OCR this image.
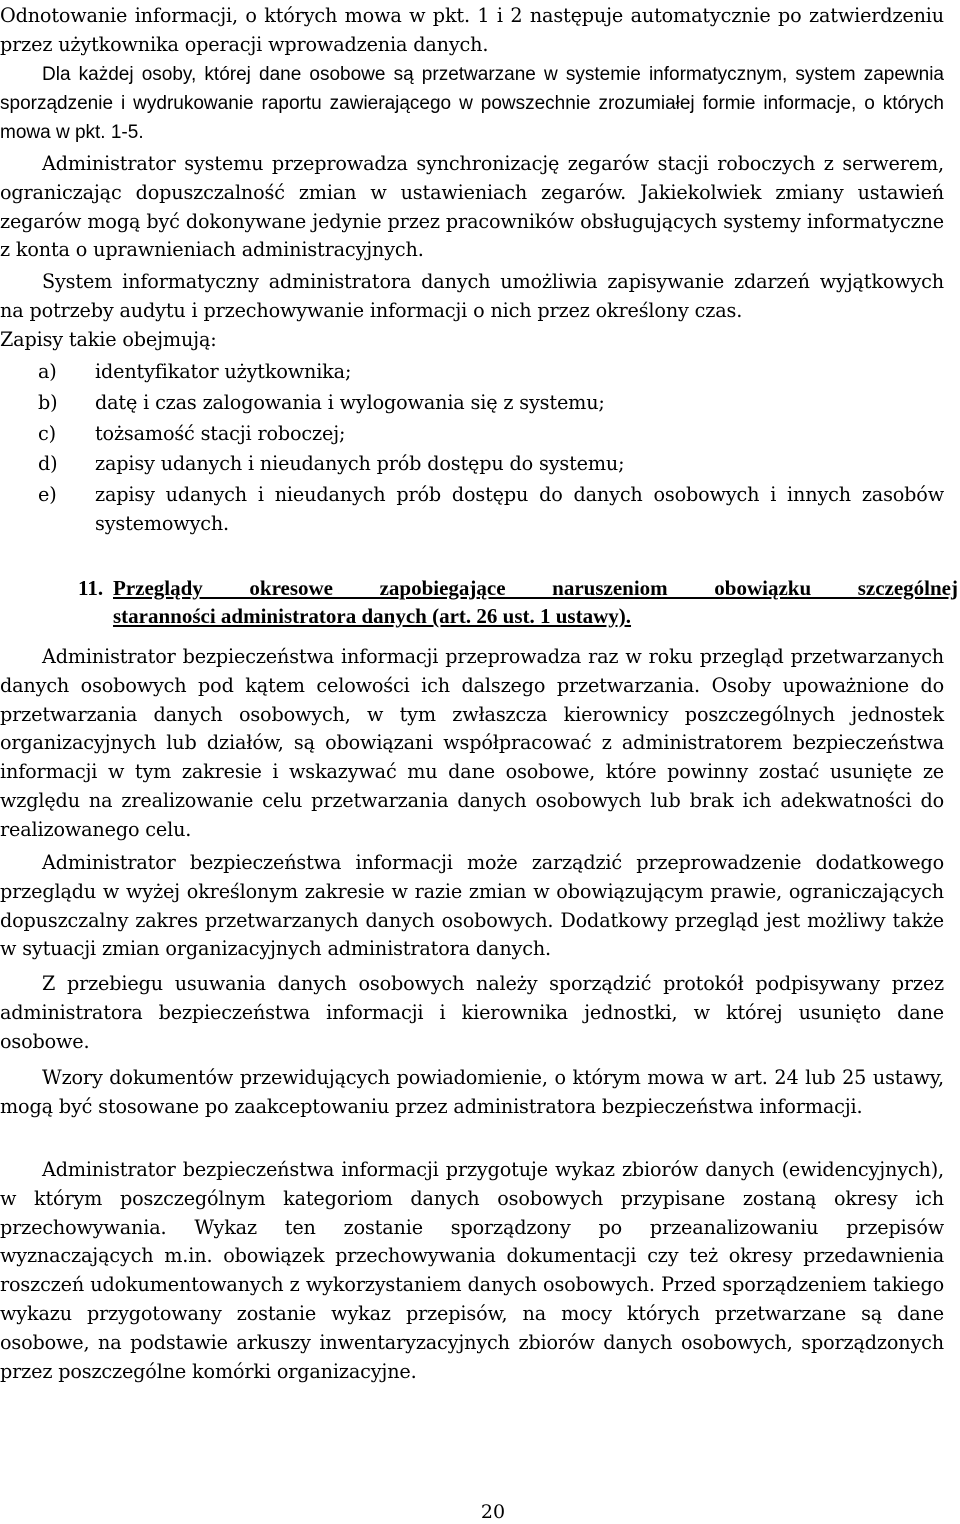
Odnotowanie informacji, o których mowa w pkt. 1 i 2 następuje automatycznie po zatwierdzeniu przez użytkownika operacji wprowadzenia danych.

Dla każdej osoby, której dane osobowe są przetwarzane w systemie informatycznym, system zapewnia sporządzenie i wydrukowanie raportu zawierającego w powszechnie zrozumiałej formie informacje, o których mowa w pkt. 1-5.

Administrator systemu przeprowadza synchronizację zegarów stacji roboczych z serwerem, ograniczając dopuszczalność zmian w ustawieniach zegarów. Jakiekolwiek zmiany ustawień zegarów mogą być dokonywane jedynie przez pracowników obsługujących systemy informatyczne z konta o uprawnieniach administracyjnych.

System informatyczny administratora danych umożliwia zapisywanie zdarzeń wyjątkowych na potrzeby audytu i przechowywanie informacji o nich przez określony czas.

Zapisy takie obejmują:

a) identyfikator użytkownika;
b) datę i czas zalogowania i wylogowania się z systemu;
c) tożsamość stacji roboczej;
d) zapisy udanych i nieudanych prób dostępu do systemu;
e) zapisy udanych i nieudanych prób dostępu do danych osobowych i innych zasobów systemowych.
11. Przeglądy okresowe zapobiegające naruszeniom obowiązku szczególnej
staranności administratora danych (art. 26 ust. 1 ustawy).

Administrator bezpieczeństwa informacji przeprowadza raz w roku przegląd przetwarzanych danych osobowych pod kątem celowości ich dalszego przetwarzania. Osoby upoważnione do przetwarzania danych osobowych, w tym zwłaszcza kierownicy poszczególnych jednostek organizacyjnych lub działów, są obowiązani współpracować z administratorem bezpieczeństwa informacji w tym zakresie i wskazywać mu dane osobowe, które powinny zostać usunięte ze względu na zrealizowanie celu przetwarzania danych osobowych lub brak ich adekwatności do realizowanego celu.

Administrator bezpieczeństwa informacji może zarządzić przeprowadzenie dodatkowego przeglądu w wyżej określonym zakresie w razie zmian w obowiązującym prawie, ograniczających dopuszczalny zakres przetwarzanych danych osobowych. Dodatkowy przegląd jest możliwy także w sytuacji zmian organizacyjnych administratora danych.

Z przebiegu usuwania danych osobowych należy sporządzić protokół podpisywany przez administratora bezpieczeństwa informacji i kierownika jednostki, w której usunięto dane osobowe.

Wzory dokumentów przewidujących powiadomienie, o którym mowa w art. 24 lub 25 ustawy, mogą być stosowane po zaakceptowaniu przez administratora bezpieczeństwa informacji.

Administrator bezpieczeństwa informacji przygotuje wykaz zbiorów danych (ewidencyjnych), w którym poszczególnym kategoriom danych osobowych przypisane zostaną okresy ich przechowywania. Wykaz ten zostanie sporządzony po przeanalizowaniu przepisów wyznaczających m.in. obowiązek przechowywania dokumentacji czy też okresy przedawnienia roszczeń udokumentowanych z wykorzystaniem danych osobowych. Przed sporządzeniem takiego wykazu przygotowany zostanie wykaz przepisów, na mocy których przetwarzane są dane osobowe, na podstawie arkuszy inwentaryzacyjnych zbiorów danych osobowych, sporządzonych przez poszczególne komórki organizacyjne.

20
